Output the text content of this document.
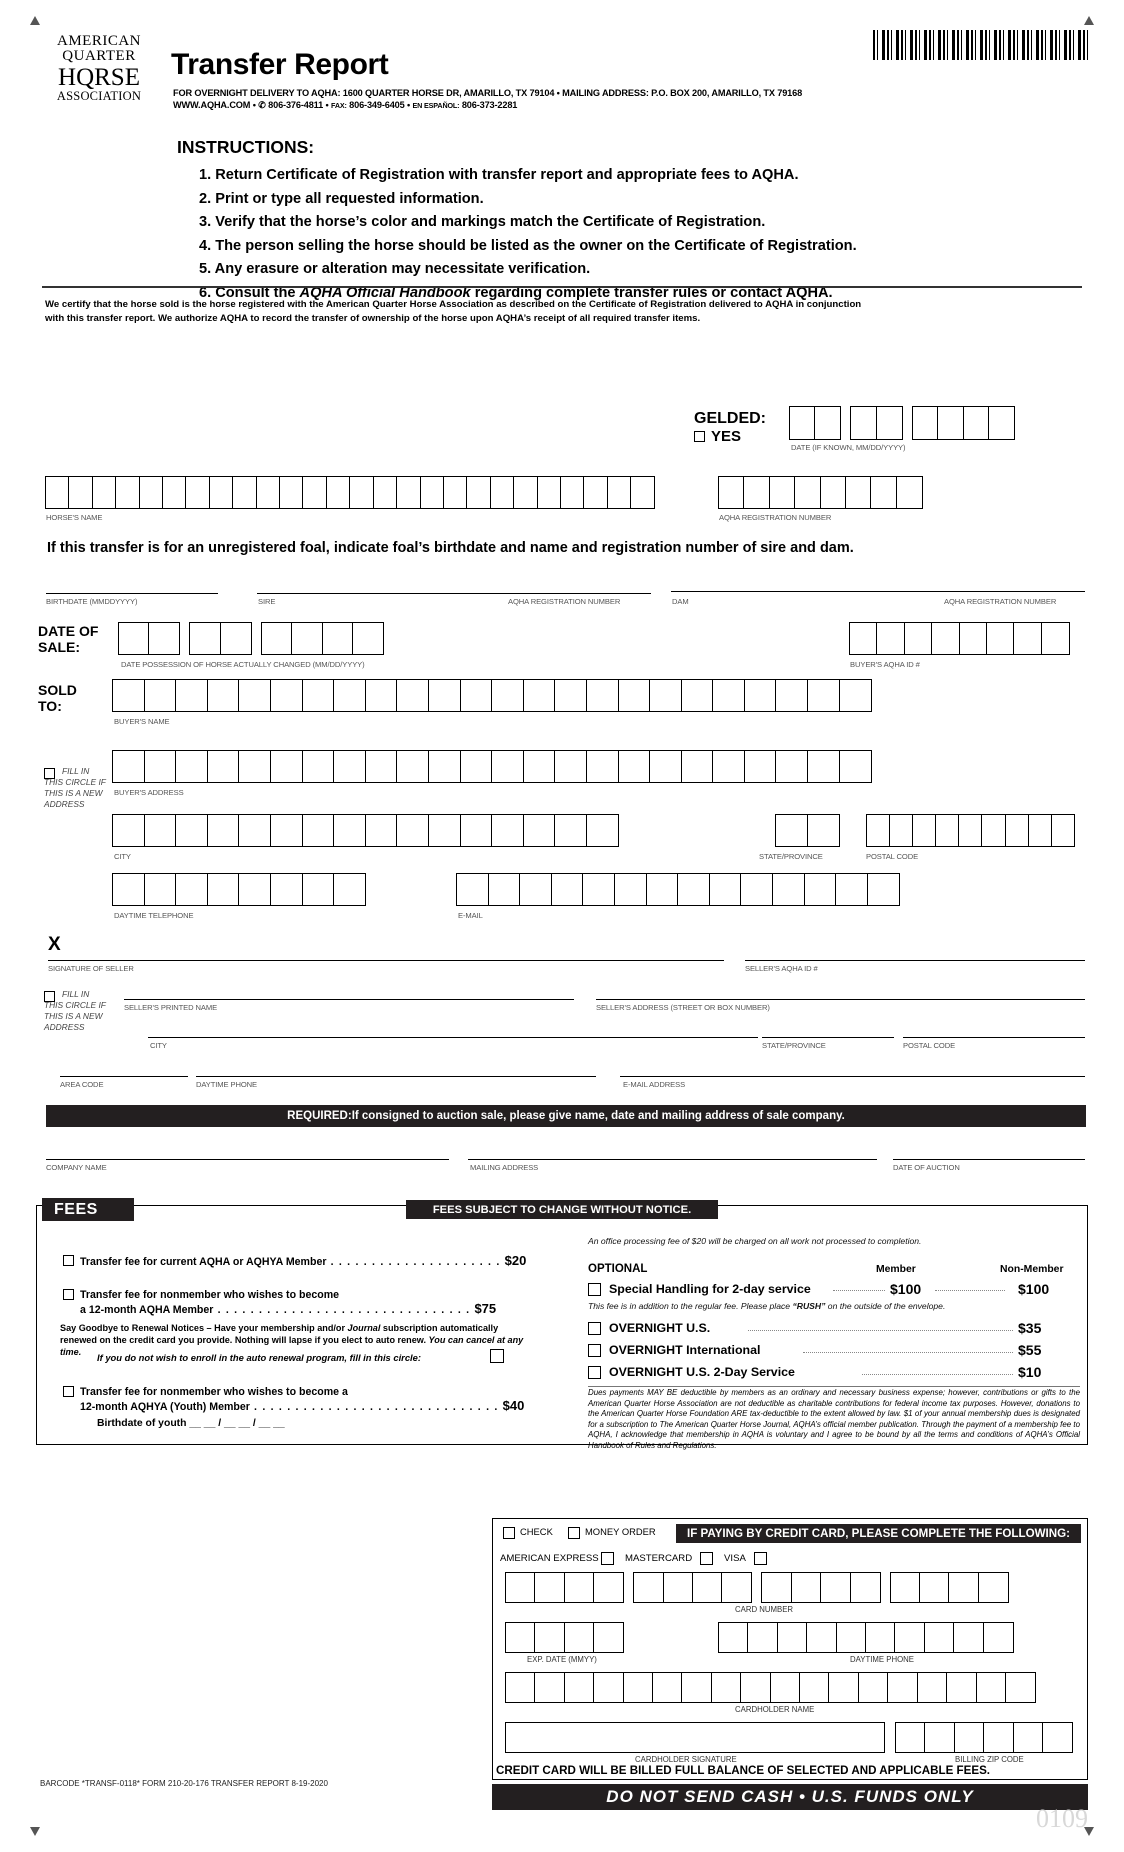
AMERICAN
QUARTER
HQRSE
ASSOCIATION
Transfer Report
FOR OVERNIGHT DELIVERY TO AQHA: 1600 QUARTER HORSE DR, AMARILLO, TX 79104 • MAILING ADDRESS: P.O. BOX 200, AMARILLO, TX 79168
WWW.AQHA.COM • ✆ 806-376-4811 • FAX: 806-349-6405 • EN ESPAÑOL: 806-373-2281
INSTRUCTIONS:
1. Return Certificate of Registration with transfer report and appropriate fees to AQHA.
2. Print or type all requested information.
3. Verify that the horse’s color and markings match the Certificate of Registration.
4. The person selling the horse should be listed as the owner on the Certificate of Registration.
5. Any erasure or alteration may necessitate verification.
6. Consult the AQHA Official Handbook regarding complete transfer rules or contact AQHA.
We certify that the horse sold is the horse registered with the American Quarter Horse Association as described on the Certificate of Registration delivered to AQHA in conjunction with this transfer report. We authorize AQHA to record the transfer of ownership of the horse upon AQHA’s receipt of all required transfer items.
GELDED:
YES
DATE (IF KNOWN, MM/DD/YYYY)
HORSE'S NAME	AQHA REGISTRATION NUMBER
If this transfer is for an unregistered foal, indicate foal’s birthdate and name and registration number of sire and dam.
BIRTHDATE (MMDDYYYY)	SIRE	AQHA REGISTRATION NUMBER	DAM	AQHA REGISTRATION NUMBER
DATE OF
SALE:
DATE POSSESSION OF HORSE ACTUALLY CHANGED (MM/DD/YYYY)	BUYER'S AQHA ID #
SOLD
TO:
BUYER'S NAME
FILL IN
THIS CIRCLE IF
THIS IS A NEW
ADDRESS
BUYER'S ADDRESS
CITY	STATE/PROVINCE	POSTAL CODE
DAYTIME TELEPHONE	E-MAIL
X
SIGNATURE OF SELLER	SELLER'S AQHA ID #
FILL IN
THIS CIRCLE IF
THIS IS A NEW
ADDRESS
SELLER'S PRINTED NAME	SELLER'S ADDRESS (STREET OR BOX NUMBER)
CITY	STATE/PROVINCE	POSTAL CODE
AREA CODE	DAYTIME PHONE	E-MAIL ADDRESS
REQUIRED: If consigned to auction sale, please give name, date and mailing address of sale company.
COMPANY NAME	MAILING ADDRESS	DATE OF AUCTION
FEES	FEES SUBJECT TO CHANGE WITHOUT NOTICE.
Transfer fee for current AQHA or AQHYA Member . . . . . . . . . . . . . . . . . . . . . $20
Transfer fee for nonmember who wishes to become
a 12-month AQHA Member . . . . . . . . . . . . . . . . . . . . . . . . . . . . . . . $75
Say Goodbye to Renewal Notices – Have your membership and/or Journal subscription automatically renewed on the credit card you provide. Nothing will lapse if you elect to auto renew. You can cancel at any time.	If you do not wish to enroll in the auto renewal program, fill in this circle:
Transfer fee for nonmember who wishes to become a
12-month AQHYA (Youth) Member . . . . . . . . . . . . . . . . . . . . . . . . . . . . . . $40
Birthdate of youth __ __ / __ __ / __ __
An office processing fee of $20 will be charged on all work not processed to completion.
OPTIONAL	Member	Non-Member
Special Handling for 2-day service	$100	$100
This fee is in addition to the regular fee. Please place “RUSH” on the outside of the envelope.
OVERNIGHT U.S.	$35
OVERNIGHT International	$55
OVERNIGHT U.S. 2-Day Service	$10
Dues payments MAY BE deductible by members as an ordinary and necessary business expense; however, contributions or gifts to the American Quarter Horse Association are not deductible as charitable contributions for federal income tax purposes. However, donations to the American Quarter Horse Foundation ARE tax-deductible to the extent allowed by law. $1 of your annual membership dues is designated for a subscription to The American Quarter Horse Journal, AQHA’s official member publication. Through the payment of a membership fee to AQHA, I acknowledge that membership in AQHA is voluntary and I agree to be bound by all the terms and conditions of AQHA’s Official Handbook of Rules and Regulations.
CHECK	MONEY ORDER	IF PAYING BY CREDIT CARD, PLEASE COMPLETE THE FOLLOWING:
AMERICAN EXPRESS	MASTERCARD	VISA
CARD NUMBER
EXP. DATE (MMYY)	DAYTIME PHONE
CARDHOLDER NAME
CARDHOLDER SIGNATURE	BILLING ZIP CODE
CREDIT CARD WILL BE BILLED FULL BALANCE OF SELECTED AND APPLICABLE FEES.
DO NOT SEND CASH • U.S. FUNDS ONLY
BARCODE *TRANSF-0118* FORM 210-20-176 TRANSFER REPORT 8-19-2020
0109
